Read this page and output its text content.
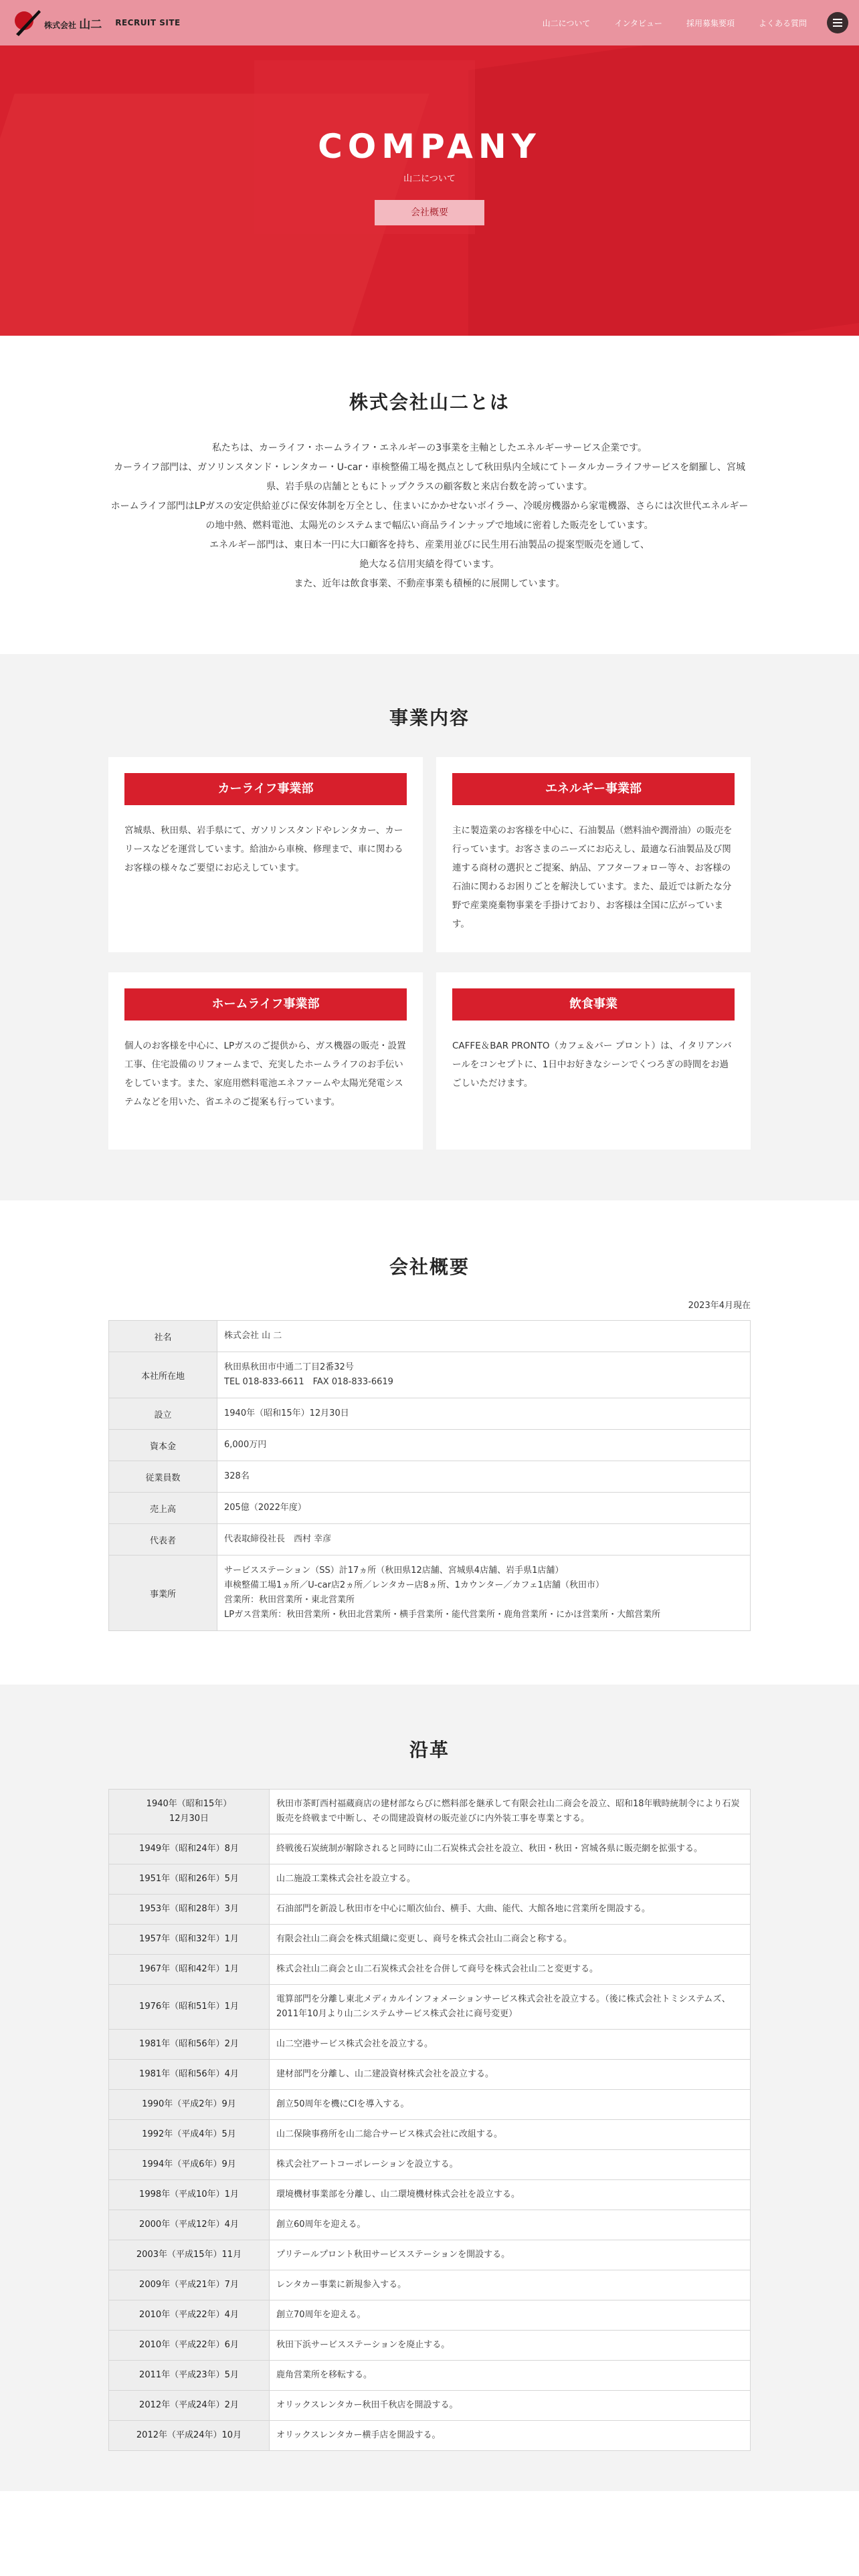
株式会社 山二 RECRUIT SITE	山二について	インタビュー	採用募集要項	よくある質問
COMPANY
山二について
会社概要
株式会社山二とは

私たちは、カーライフ・ホームライフ・エネルギーの3事業を主軸としたエネルギーサービス企業です。

カーライフ部門は、ガソリンスタンド・レンタカー・U-car・車検整備工場を拠点として秋田県内全域にてトータルカーライフサービスを網羅し、宮城県、岩手県の店舗とともにトップクラスの顧客数と来店台数を誇っています。

ホームライフ部門はLPガスの安定供給並びに保安体制を万全とし、住まいにかかせないボイラー、冷暖房機器から家電機器、さらには次世代エネルギーの地中熱、燃料電池、太陽光のシステムまで幅広い商品ラインナップで地域に密着した販売をしています。

エネルギー部門は、東日本一円に大口顧客を持ち、産業用並びに民生用石油製品の提案型販売を通して、

絶大なる信用実績を得ています。

また、近年は飲食事業、不動産事業も積極的に展開しています。

事業内容
カーライフ事業部

宮城県、秋田県、岩手県にて、ガソリンスタンドやレンタカー、カーリースなどを運営しています。給油から車検、修理まで、車に関わるお客様の様々なご要望にお応えしています。

エネルギー事業部

主に製造業のお客様を中心に、石油製品（燃料油や潤滑油）の販売を行っています。お客さまのニーズにお応えし、最適な石油製品及び関連する商材の選択とご提案、納品、アフターフォロー等々、お客様の石油に関わるお困りごとを解決しています。また、最近では新たな分野で産業廃棄物事業を手掛けており、お客様は全国に広がっています。

ホームライフ事業部

個人のお客様を中心に、LPガスのご提供から、ガス機器の販売・設置工事、住宅設備のリフォームまで、充実したホームライフのお手伝いをしています。また、家庭用燃料電池エネファームや太陽光発電システムなどを用いた、省エネのご提案も行っています。

飲食事業

CAFFE＆BAR PRONTO（カフェ＆バー プロント）は、イタリアンバールをコンセプトに、1日中お好きなシーンでくつろぎの時間をお過ごしいただけます。

会社概要
2023年4月現在
社名	株式会社 山 二

本社所在地	秋田県秋田市中通二丁目2番32号
TEL 018-833-6611　FAX 018-833-6619

設立	1940年（昭和15年）12月30日

資本金	6,000万円

従業員数	328名

売上高	205億（2022年度）

代表者	代表取締役社長　西村 幸彦

事業所	サービスステーション（SS）計17ヵ所（秋田県12店舗、宮城県4店舗、岩手県1店舗）
車検整備工場1ヵ所／U-car店2ヵ所／レンタカー店8ヵ所、1カウンター／カフェ1店舗（秋田市）
営業所：秋田営業所・東北営業所
LPガス営業所：秋田営業所・秋田北営業所・横手営業所・能代営業所・鹿角営業所・にかほ営業所・大館営業所
沿革
1940年（昭和15年）
12月30日	秋田市茶町西村福蔵商店の建材部ならびに燃料部を継承して有限会社山二商会を設立、昭和18年戦時統制令により石炭販売を終戦まで中断し、その間建設資材の販売並びに内外装工事を専業とする。
1949年（昭和24年）8月	終戦後石炭統制が解除されると同時に山二石炭株式会社を設立、秋田・秋田・宮城各県に販売網を拡張する。
1951年（昭和26年）5月	山二施設工業株式会社を設立する。
1953年（昭和28年）3月	石油部門を新設し秋田市を中心に順次仙台、横手、大曲、能代、大館各地に営業所を開設する。
1957年（昭和32年）1月	有限会社山二商会を株式組織に変更し、商号を株式会社山二商会と称する。
1967年（昭和42年）1月	株式会社山二商会と山二石炭株式会社を合併して商号を株式会社山二と変更する。
1976年（昭和51年）1月	電算部門を分離し東北メディカルインフォメーションサービス株式会社を設立する。（後に株式会社トミシステムズ、2011年10月より山二システムサービス株式会社に商号変更）
1981年（昭和56年）2月	山二空港サービス株式会社を設立する。
1981年（昭和56年）4月	建材部門を分離し、山二建設資材株式会社を設立する。
1990年（平成2年）9月	創立50周年を機にCIを導入する。
1992年（平成4年）5月	山二保険事務所を山二総合サービス株式会社に改組する。
1994年（平成6年）9月	株式会社アートコーポレーションを設立する。
1998年（平成10年）1月	環境機材事業部を分離し、山二環境機材株式会社を設立する。
2000年（平成12年）4月	創立60周年を迎える。
2003年（平成15年）11月	プリテールプロント秋田サービスステーションを開設する。
2009年（平成21年）7月	レンタカー事業に新規参入する。
2010年（平成22年）4月	創立70周年を迎える。
2010年（平成22年）6月	秋田下浜サービスステーションを廃止する。
2011年（平成23年）5月	鹿角営業所を移転する。
2012年（平成24年）2月	オリックスレンタカー秋田千秋店を開設する。
2012年（平成24年）10月	オリックスレンタカー横手店を開設する。
